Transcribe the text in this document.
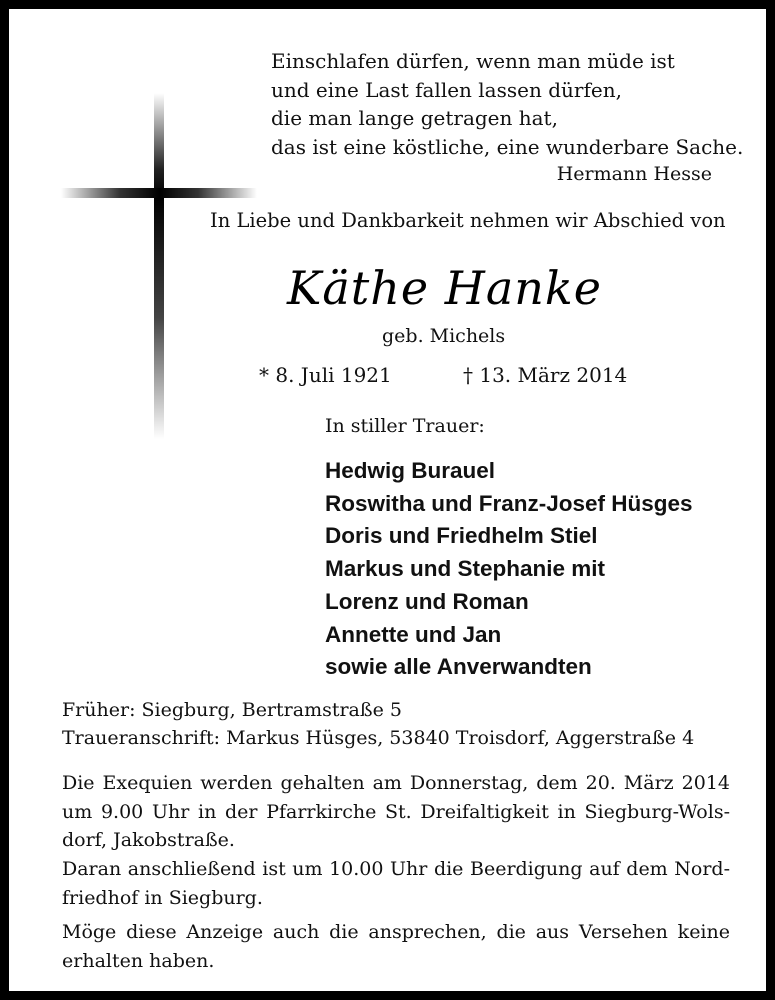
Einschlafen dürfen, wenn man müde ist
und eine Last fallen lassen dürfen,
die man lange getragen hat,
das ist eine köstliche, eine wunderbare Sache.
Hermann Hesse
In Liebe und Dankbarkeit nehmen wir Abschied von
Käthe Hanke
geb. Michels
* 8. Juli 1921	† 13. März 2014
In stiller Trauer:
Hedwig Burauel
Roswitha und Franz-Josef Hüsges
Doris und Friedhelm Stiel
Markus und Stephanie mit
Lorenz und Roman
Annette und Jan
sowie alle Anverwandten
Früher: Siegburg, Bertramstraße 5
Traueranschrift: Markus Hüsges, 53840 Troisdorf, Aggerstraße 4
Die Exequien werden gehalten am Donnerstag, dem 20. März 2014
um 9.00 Uhr in der Pfarrkirche St. Dreifaltigkeit in Siegburg-Wols-
dorf, Jakobstraße.
Daran anschließend ist um 10.00 Uhr die Beerdigung auf dem Nord-
friedhof in Siegburg.
Möge diese Anzeige auch die ansprechen, die aus Versehen keine
erhalten haben.
